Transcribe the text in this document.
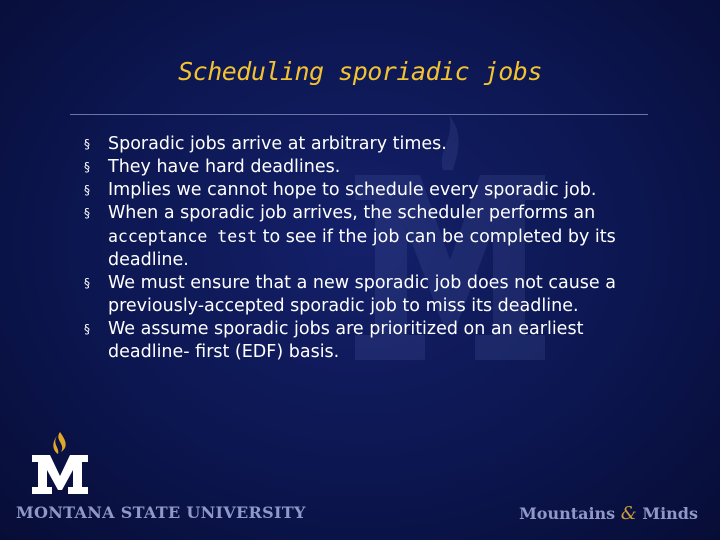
Scheduling sporiadic jobs
§ Sporadic jobs arrive at arbitrary times.
§ They have hard deadlines.
§ Implies we cannot hope to schedule every sporadic job.
§ When a sporadic job arrives, the scheduler performs an acceptance test to see if the job can be completed by its deadline.
§ We must ensure that a new sporadic job does not cause a previously-accepted sporadic job to miss its deadline.
§ We assume sporadic jobs are prioritized on an earliest deadline- first (EDF) basis.
MONTANA STATE UNIVERSITY	Mountains & Minds
